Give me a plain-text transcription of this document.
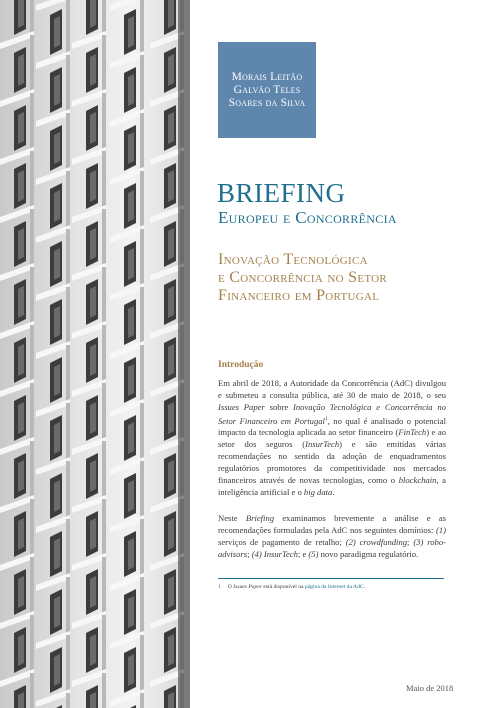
Morais Leitão
Galvão Teles
Soares da Silva
BRIEFING
Europeu e Concorrência
Inovação Tecnológica
e Concorrência no Setor
Financeiro em Portugal
Introdução
Em abril de 2018, a Autoridade da Concorrência (AdC) divulgou e submeteu a consulta pública, até 30 de maio de 2018, o seu Issues Paper sobre Inovação Tecnológica e Concorrência no Setor Financeiro em Portugal$^1$, no qual é analisado o potencial impacto da tecnologia aplicada ao setor financeiro (FinTech) e ao setor dos seguros (InsurTech) e são emitidas várias recomendações no sentido da adoção de enquadramentos regulatórios promotores da competitividade nos mercados financeiros através de novas tecnologias, como o blockchain, a inteligência artificial e o big data.
Neste Briefing examinamos brevemente a análise e as recomendações formuladas pela AdC nos seguintes domínios: (1) serviços de pagamento de retalho; (2) crowdfunding; (3) robo-advisors; (4) InsurTech; e (5) novo paradigma regulatório.
1 O Issues Paper está disponível na página da Internet da AdC.
Maio de 2018
